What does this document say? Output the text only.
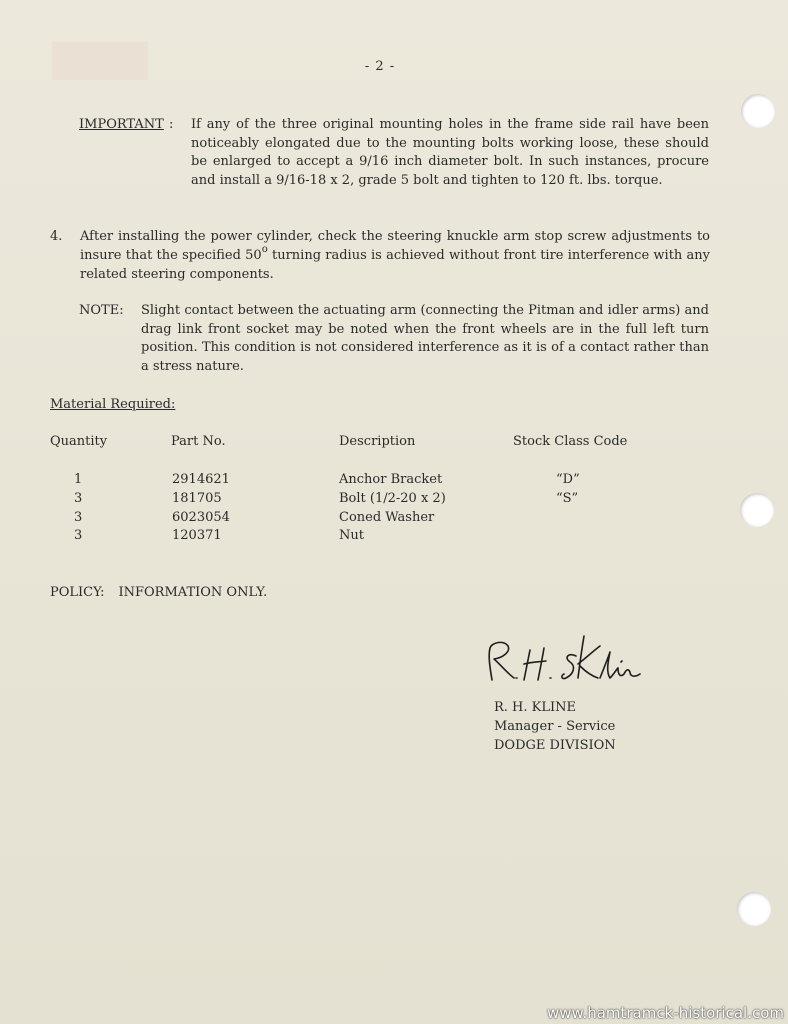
- 2 -
IMPORTANT : If any of the three original mounting holes in the frame side rail have been noticeably elongated due to the mounting bolts working loose, these should be enlarged to accept a 9/16 inch diameter bolt. In such instances, procure and install a 9/16-18 x 2, grade 5 bolt and tighten to 120 ft. lbs. torque.
4. After installing the power cylinder, check the steering knuckle arm stop screw adjustments to insure that the specified 50$^o$ turning radius is achieved without front tire interference with any related steering components.
NOTE: Slight contact between the actuating arm (connecting the Pitman and idler arms) and drag link front socket may be noted when the front wheels are in the full left turn position. This condition is not considered interference as it is of a contact rather than a stress nature.
Material Required:
Quantity	Part No.	Description	Stock Class Code
1	2914621	Anchor Bracket	“D”
3	181705	Bolt (1/2-20 x 2)	“S”
3	6023054	Coned Washer
3	120371	Nut
POLICY: INFORMATION ONLY.
R. H. KLINE
Manager - Service
DODGE DIVISION
www.hamtramck-historical.com
